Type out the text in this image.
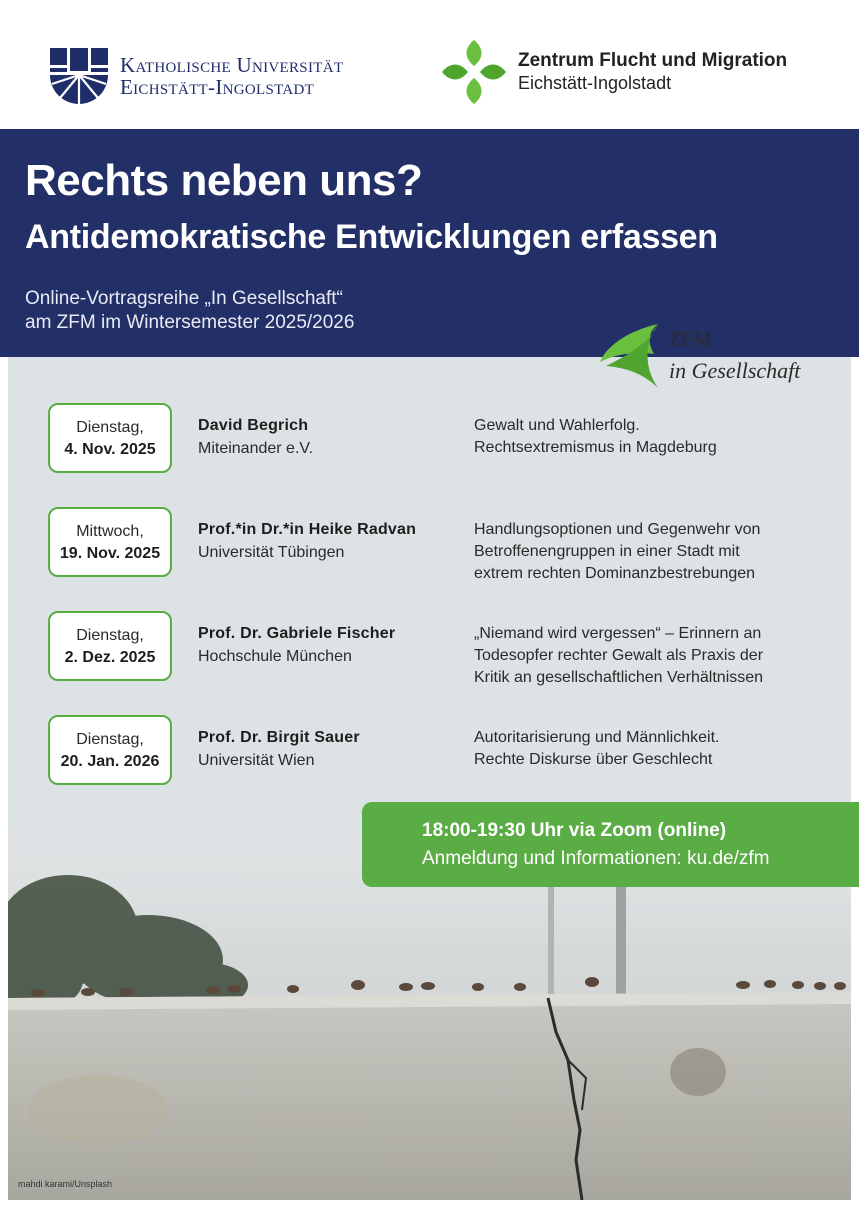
Katholische Universität
Eichstätt-Ingolstadt
Zentrum Flucht und Migration
Eichstätt-Ingolstadt
Rechts neben uns?
Antidemokratische Entwicklungen erfassen
Online-Vortragsreihe „In Gesellschaft“
am ZFM im Wintersemester 2025/2026
Dienstag,
4. Nov. 2025
David Begrich
Miteinander e.V.
Gewalt und Wahlerfolg.
Rechtsextremismus in Magdeburg
Mittwoch,
19. Nov. 2025
Prof.*in Dr.*in Heike Radvan
Universität Tübingen
Handlungsoptionen und Gegenwehr von
Betroffenengruppen in einer Stadt mit
extrem rechten Dominanzbestrebungen
Dienstag,
2. Dez. 2025
Prof. Dr. Gabriele Fischer
Hochschule München
„Niemand wird vergessen“ – Erinnern an
Todesopfer rechter Gewalt als Praxis der
Kritik an gesellschaftlichen Verhältnissen
Dienstag,
20. Jan. 2026
Prof. Dr. Birgit Sauer
Universität Wien
Autoritarisierung und Männlichkeit.
Rechte Diskurse über Geschlecht
ZFM
in Gesellschaft
18:00-19:30 Uhr via Zoom (online)
Anmeldung und Informationen: ku.de/zfm
mahdi karami/Unsplash
